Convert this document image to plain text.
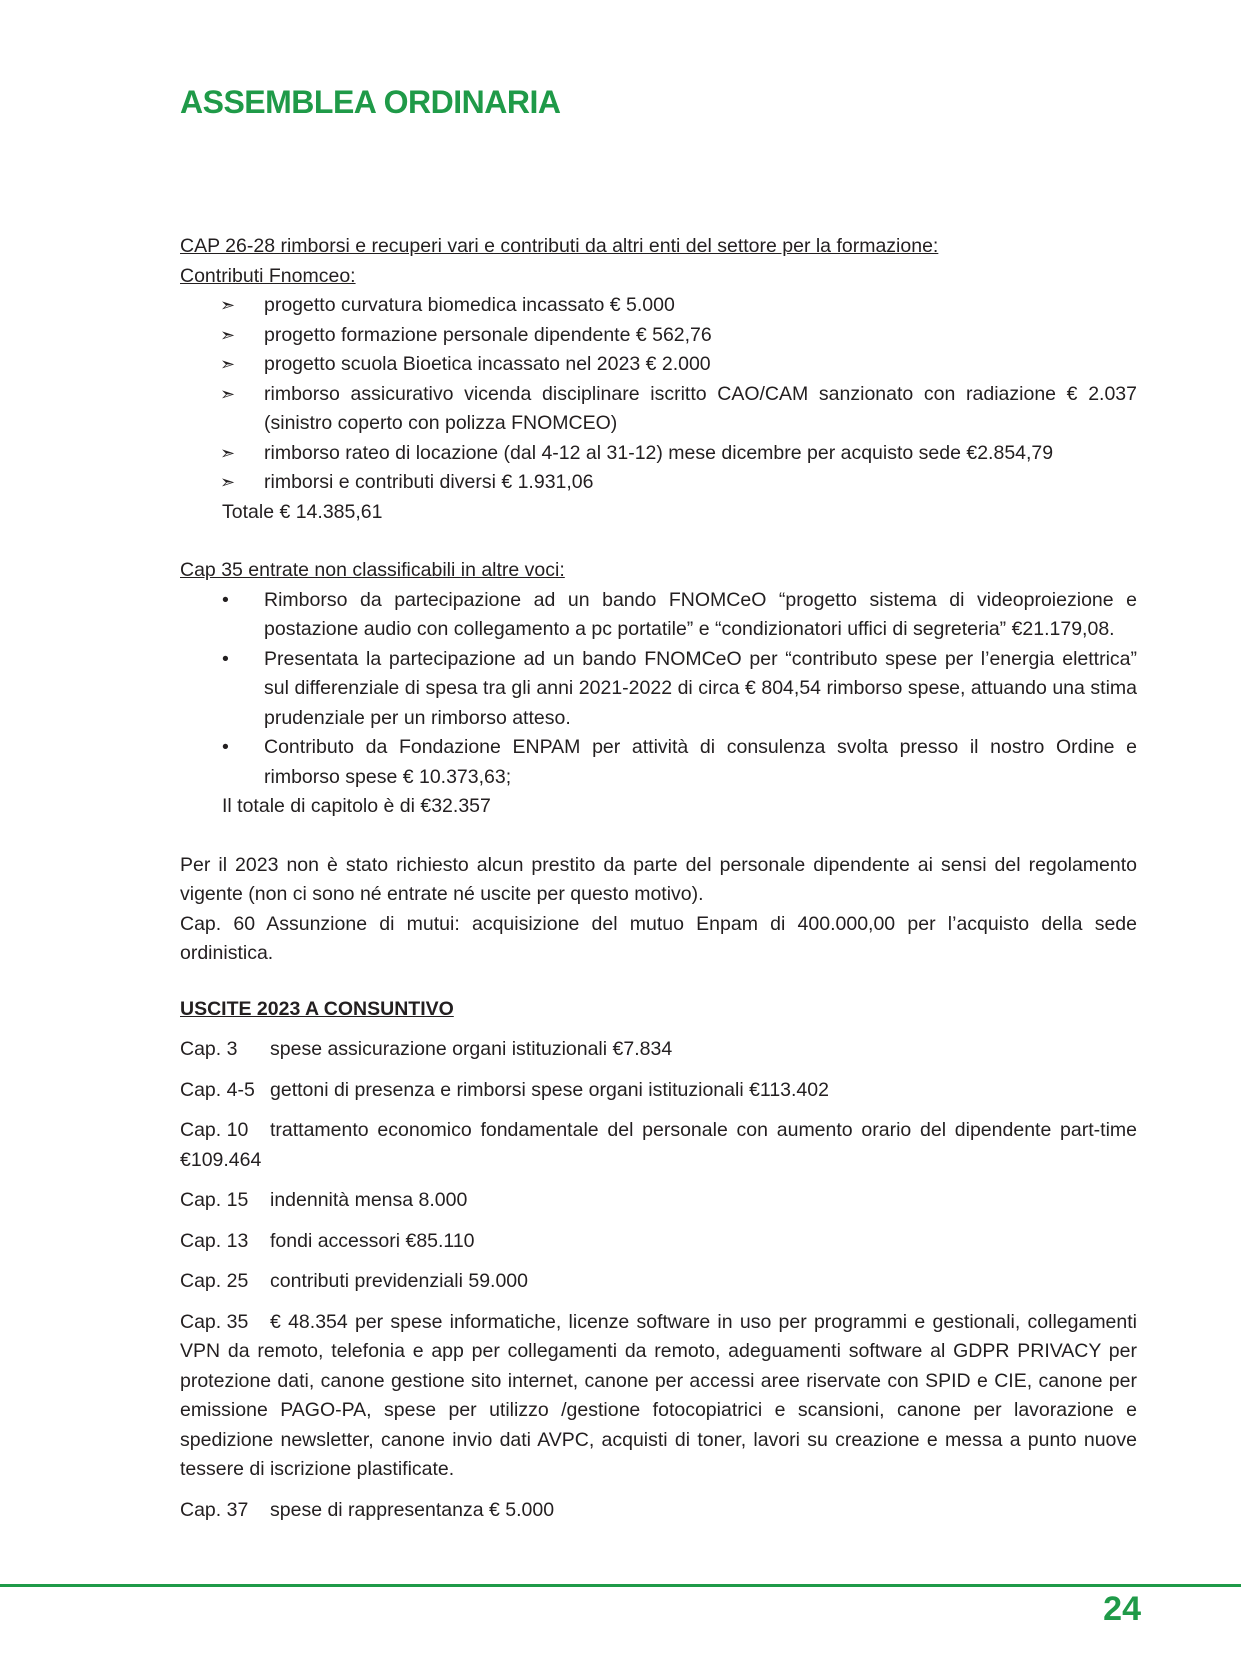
ASSEMBLEA ORDINARIA
CAP 26-28 rimborsi e recuperi vari e contributi da altri enti del settore per la formazione:
Contributi Fnomceo:
➣	progetto curvatura biomedica incassato € 5.000
➣	progetto formazione personale dipendente € 562,76
➣	progetto scuola Bioetica incassato nel 2023 € 2.000
➣	rimborso assicurativo vicenda disciplinare iscritto CAO/CAM sanzionato con radiazione € 2.037 (sinistro coperto con polizza FNOMCEO)
➣	rimborso rateo di locazione (dal 4-12 al 31-12) mese dicembre per acquisto sede €2.854,79
➣	rimborsi e contributi diversi € 1.931,06
Totale € 14.385,61
Cap 35 entrate non classificabili in altre voci:
• Rimborso da partecipazione ad un bando FNOMCeO “progetto sistema di videoproiezione e postazione audio con collegamento a pc portatile” e “condizionatori uffici di segreteria” €21.179,08.
• Presentata la partecipazione ad un bando FNOMCeO per “contributo spese per l’energia elettrica” sul differenziale di spesa tra gli anni 2021-2022 di circa € 804,54 rimborso spese, attuando una stima prudenziale per un rimborso atteso.
• Contributo da Fondazione ENPAM per attività di consulenza svolta presso il nostro Ordine e rimborso spese € 10.373,63;
Il totale di capitolo è di €32.357

Per il 2023 non è stato richiesto alcun prestito da parte del personale dipendente ai sensi del regolamento vigente (non ci sono né entrate né uscite per questo motivo).

Cap. 60 Assunzione di mutui: acquisizione del mutuo Enpam di 400.000,00 per l’acquisto della sede ordinistica.

USCITE 2023 A CONSUNTIVO
Cap. 3 spese assicurazione organi istituzionali €7.834
Cap. 4-5 gettoni di presenza e rimborsi spese organi istituzionali €113.402
Cap. 10 trattamento economico fondamentale del personale con aumento orario del dipendente part-time €109.464
Cap. 15 indennità mensa 8.000
Cap. 13 fondi accessori €85.110
Cap. 25 contributi previdenziali 59.000
Cap. 35 € 48.354 per spese informatiche, licenze software in uso per programmi e gestionali, collegamenti VPN da remoto, telefonia e app per collegamenti da remoto, adeguamenti software al GDPR PRIVACY per protezione dati, canone gestione sito internet, canone per accessi aree riservate con SPID e CIE, canone per emissione PAGO-PA, spese per utilizzo /gestione fotocopiatrici e scansioni, canone per lavorazione e spedizione newsletter, canone invio dati AVPC, acquisti di toner, lavori su creazione e messa a punto nuove tessere di iscrizione plastificate.
Cap. 37 spese di rappresentanza € 5.000
24
